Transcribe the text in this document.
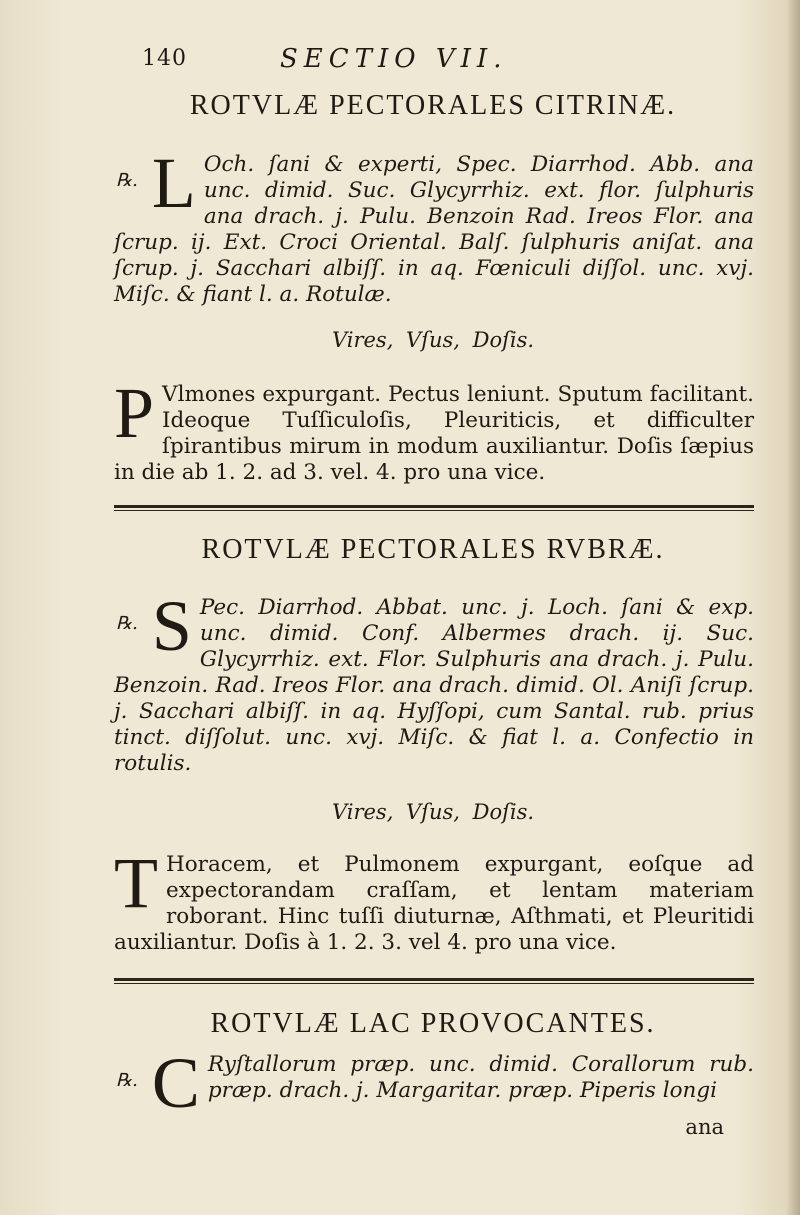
140	SECTIO VII.
ROTVLÆ PECTORALES CITRINÆ.
℞. L Och. ſani & experti, Spec. Diarrhod. Abb. ana unc. dimid. Suc. Glycyrrhiz. ext. flor. ſulphuris ana drach. j. Pulu. Benzoin Rad. Ireos Flor. ana ſcrup. ij. Ext. Croci Oriental. Balſ. ſulphuris aniſat. ana ſcrup. j. Sacchari albiſſ. in aq. Fœniculi diſſol. unc. xvj. Miſc. & fiant l. a. Rotulæ.
Vires, Vſus, Doſis.
P Vlmones expurgant. Pectus leniunt. Sputum facilitant. Ideoque Tuſſiculoſis, Pleuriticis, et difficulter ſpirantibus mirum in modum auxiliantur. Doſis ſæpius in die ab 1. 2. ad 3. vel. 4. pro una vice.
ROTVLÆ PECTORALES RVBRÆ.
℞. S Pec. Diarrhod. Abbat. unc. j. Loch. ſani & exp. unc. dimid. Conf. Albermes drach. ij. Suc. Glycyrrhiz. ext. Flor. Sulphuris ana drach. j. Pulu. Benzoin. Rad. Ireos Flor. ana drach. dimid. Ol. Aniſi ſcrup. j. Sacchari albiſſ. in aq. Hyſſopi, cum Santal. rub. prius tinct. diſſolut. unc. xvj. Miſc. & fiat l. a. Confectio in rotulis.
Vires, Vſus, Doſis.
T Horacem, et Pulmonem expurgant, eoſque ad expectorandam craſſam, et lentam materiam roborant. Hinc tuſſi diuturnæ, Aſthmati, et Pleuritidi auxiliantur. Doſis à 1. 2. 3. vel 4. pro una vice.
ROTVLÆ LAC PROVOCANTES.
℞. C Ryſtallorum præp. unc. dimid. Corallorum rub. præp. drach. j. Margaritar. præp. Piperis longi
ana
